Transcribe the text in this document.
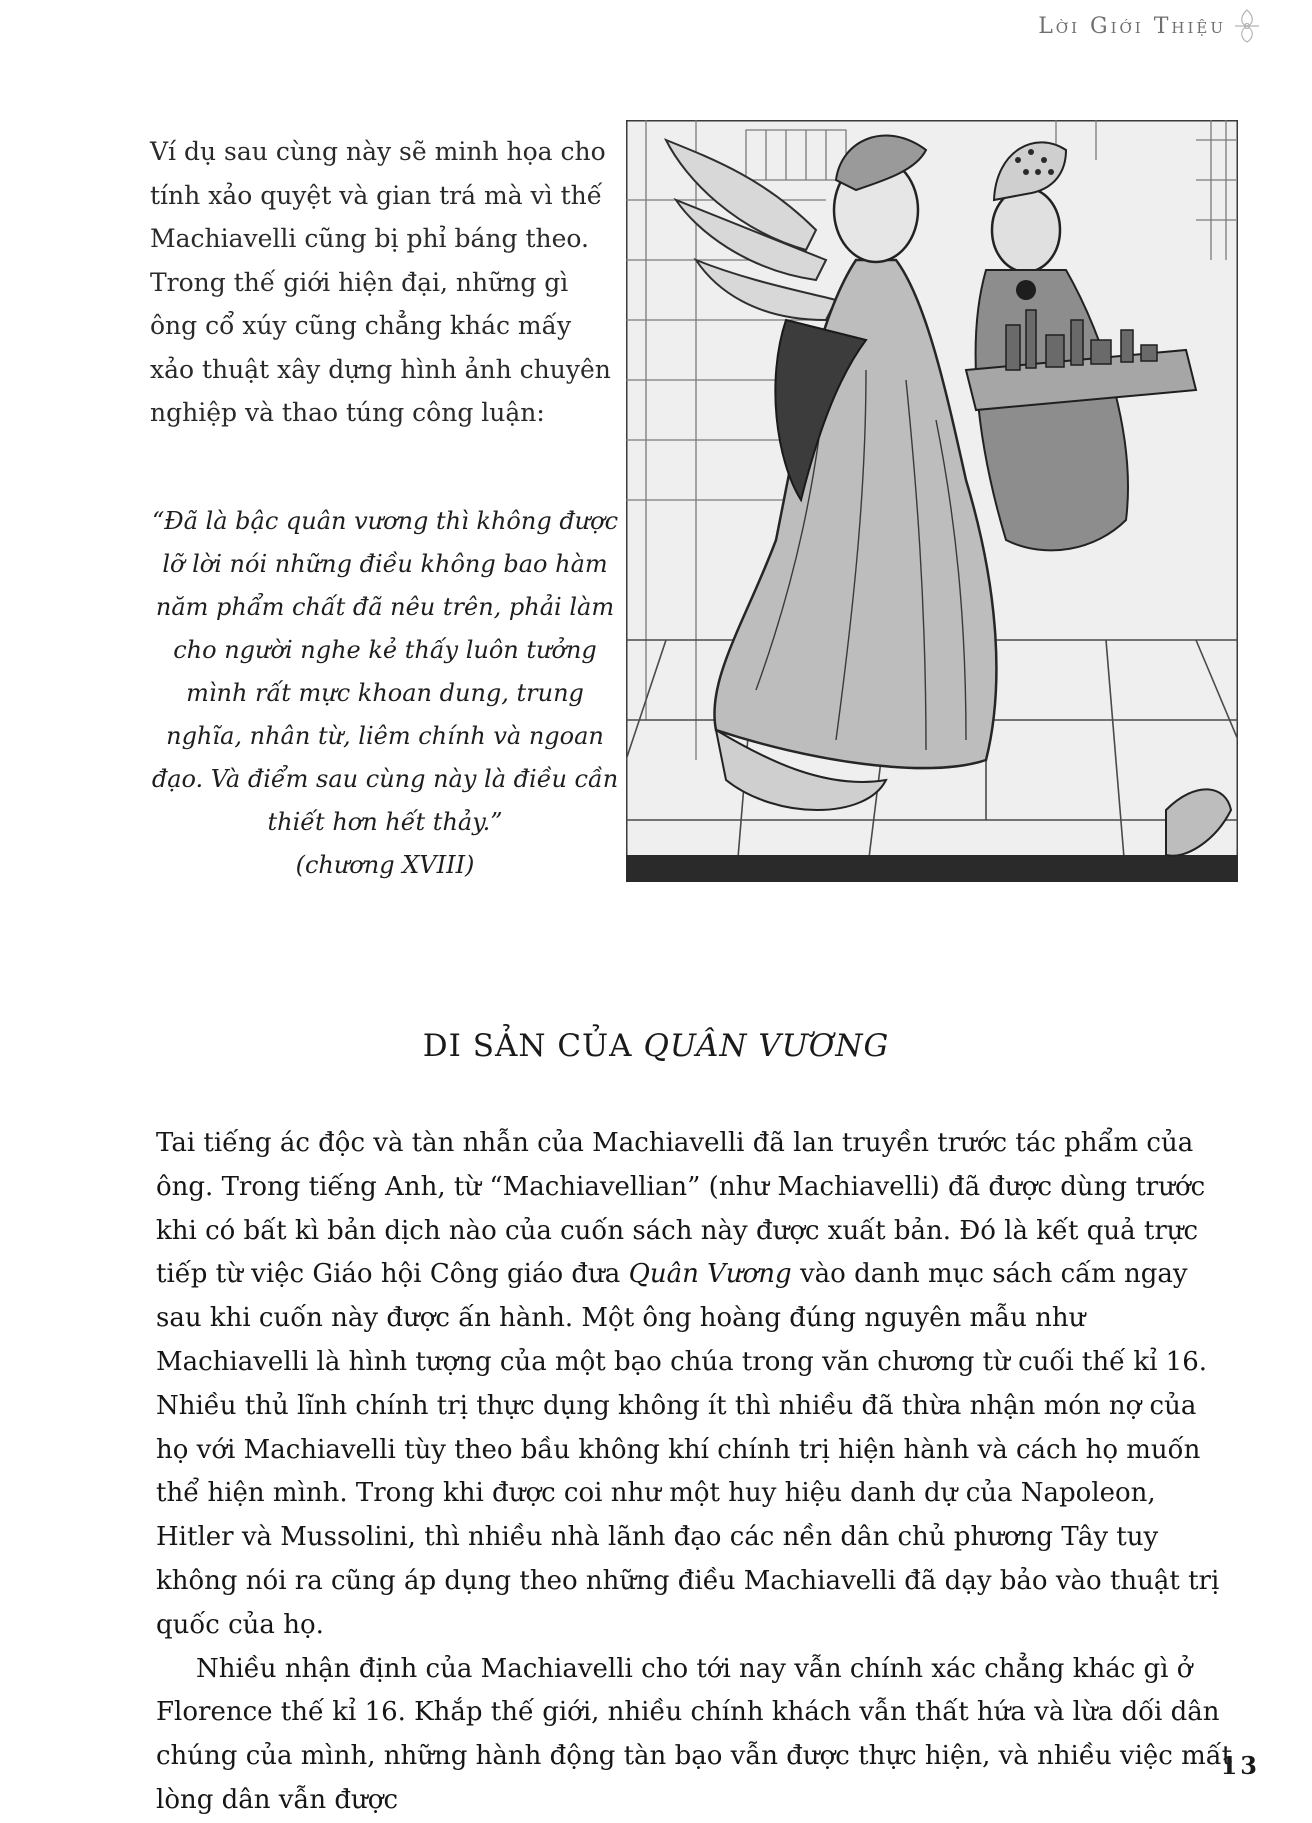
Lời Giới Thiệu

Ví dụ sau cùng này sẽ minh họa cho tính xảo quyệt và gian trá mà vì thế Machiavelli cũng bị phỉ báng theo. Trong thế giới hiện đại, những gì ông cổ xúy cũng chẳng khác mấy xảo thuật xây dựng hình ảnh chuyên nghiệp và thao túng công luận:

“Đã là bậc quân vương thì không được lỡ lời nói những điều không bao hàm năm phẩm chất đã nêu trên, phải làm cho người nghe kẻ thấy luôn tưởng mình rất mực khoan dung, trung nghĩa, nhân từ, liêm chính và ngoan đạo. Và điểm sau cùng này là điều cần thiết hơn hết thảy.”

(chương XVIII)

DI SẢN CỦA QUÂN VƯƠNG

Tai tiếng ác độc và tàn nhẫn của Machiavelli đã lan truyền trước tác phẩm của ông. Trong tiếng Anh, từ “Machiavellian” (như Machiavelli) đã được dùng trước khi có bất kì bản dịch nào của cuốn sách này được xuất bản. Đó là kết quả trực tiếp từ việc Giáo hội Công giáo đưa Quân Vương vào danh mục sách cấm ngay sau khi cuốn này được ấn hành. Một ông hoàng đúng nguyên mẫu như Machiavelli là hình tượng của một bạo chúa trong văn chương từ cuối thế kỉ 16. Nhiều thủ lĩnh chính trị thực dụng không ít thì nhiều đã thừa nhận món nợ của họ với Machiavelli tùy theo bầu không khí chính trị hiện hành và cách họ muốn thể hiện mình. Trong khi được coi như một huy hiệu danh dự của Napoleon, Hitler và Mussolini, thì nhiều nhà lãnh đạo các nền dân chủ phương Tây tuy không nói ra cũng áp dụng theo những điều Machiavelli đã dạy bảo vào thuật trị quốc của họ.

Nhiều nhận định của Machiavelli cho tới nay vẫn chính xác chẳng khác gì ở Florence thế kỉ 16. Khắp thế giới, nhiều chính khách vẫn thất hứa và lừa dối dân chúng của mình, những hành động tàn bạo vẫn được thực hiện, và nhiều việc mất lòng dân vẫn được

13
